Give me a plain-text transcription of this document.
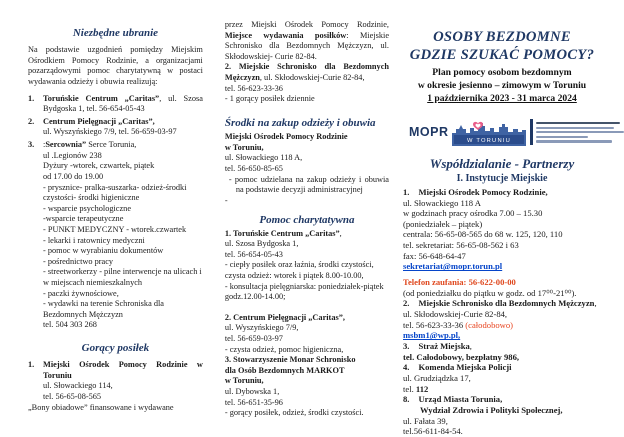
Niezbędne ubranie

Na podstawie uzgodnień pomiędzy Miejskim Ośrodkiem Pomocy Rodzinie, a organizacjami pozarządowymi pomoc charytatywną w postaci wydawania odzieży i obuwia realizują:

1.	Toruńskie Centrum „Caritas”, ul. Szosa Bydgoska 1, tel. 56-654-05-43
2.	Centrum Pielęgnacji „Caritas”,
ul. Wyszyńskiego 7/9, tel. 56-659-03-97
3.	:Sercownia” Serce Torunia,
ul .Legionów 238
Dyżury -wtorek, czwartek, piątek
od 17.00 do 19.00
- prysznice- pralka-suszarka- odzież-środki czystości- środki higieniczne
- wsparcie psychologiczne
-wsparcie terapeutyczne
- PUNKT MEDYCZNY - wtorek.czwartek
- lekarki i ratownicy medyczni
- pomoc w wyrabianiu dokumentów
- pośrednictwo pracy
- streetworkerzy - pilne interwencje na ulicach i w miejscach niemieszkalnych
- paczki żywnościowe,
- wydawki na terenie Schroniska dla Bezdomnych Mężczyzn
tel. 504 303 268
Gorący posiłek
1.	Miejski Ośrodek Pomocy Rodzinie w Toruniu
ul. Słowackiego 114,
tel. 56-65-08-565
„Bony obiadowe” finansowane i wydawane

przez Miejski Ośrodek Pomocy Rodzinie, Miejsce wydawania posiłków: Miejskie Schronisko dla Bezdomnych Mężczyzn, ul. Skłodowskiej- Curie 82-84.

2. Miejskie Schronisko dla Bezdomnych Mężczyzn, ul. Skłodowskiej-Curie 82-84,

tel. 56-623-33-36
- 1 gorący posiłek dziennie
Środki na zakup odzieży i obuwia
Miejski Ośrodek Pomocy Rodzinie
w Toruniu,
ul. Słowackiego 118 A,
tel. 56-650-85-65
- pomoc udzielana na zakup odzieży i obuwia na podstawie decyzji administracyjnej
-
Pomoc charytatywna
1. Toruńskie Centrum „Caritas”,
ul. Szosa Bydgoska 1,
tel. 56-654-05-43
- ciepły posiłek oraz łaźnia, środki czystości, czysta odzież: wtorek i piątek 8.00-10.00,
- konsultacja pielęgniarska: poniedziałek-piątek godz.12.00-14.00;
2. Centrum Pielęgnacji „Caritas”,
ul. Wyszyńskiego 7/9,
tel. 56-659-03-97
- czysta odzież, pomoc higieniczna,
3. Stowarzyszenie Monar Schronisko
dla Osób Bezdomnych MARKOT
w Toruniu,
ul. Dybowska 1,
tel. 56-651-35-96
- gorący posiłek, odzież, środki czystości.
OSOBY BEZDOMNE
GDZIE SZUKAĆ POMOCY?
Plan pomocy osobom bezdomnym
w okresie jesienno – zimowym w Toruniu
1 października 2023 - 31 marca 2024
MOPR
W TORUNIU
Współdzialanie - Partnerzy
I. Instytucje Miejskie
1. Miejski Ośrodek Pomocy Rodzinie,
ul. Słowackiego 118 A
w godzinach pracy ośrodka 7.00 – 15.30
(poniedziałek – piątek)
centrala: 56-65-08-565 do 68 w. 125, 120, 110
tel. sekretariat: 56-65-08-562 i 63
fax: 56-648-64-47
sekretariat@mopr.torun.pl
Telefon zaufania: 56-622-00-00
(od poniedziałku do piątku w godz. od 17⁰⁰-21⁰⁰).
2. Miejskie Schronisko dla Bezdomnych Mężczyzn,
ul. Skłodowskiej-Curie 82-84,
tel. 56-623-33-36 (całodobowo)
msbm1@wp.pl,
3. Straż Miejska,
tel. Całodobowy, bezpłatny 986,
4. Komenda Miejska Policji
ul. Grudziądzka 17,
tel. 112
8. Urząd Miasta Torunia,
Wydział Zdrowia i Polityki Społecznej,
ul. Fałata 39,
tel.56-611-84-54.
